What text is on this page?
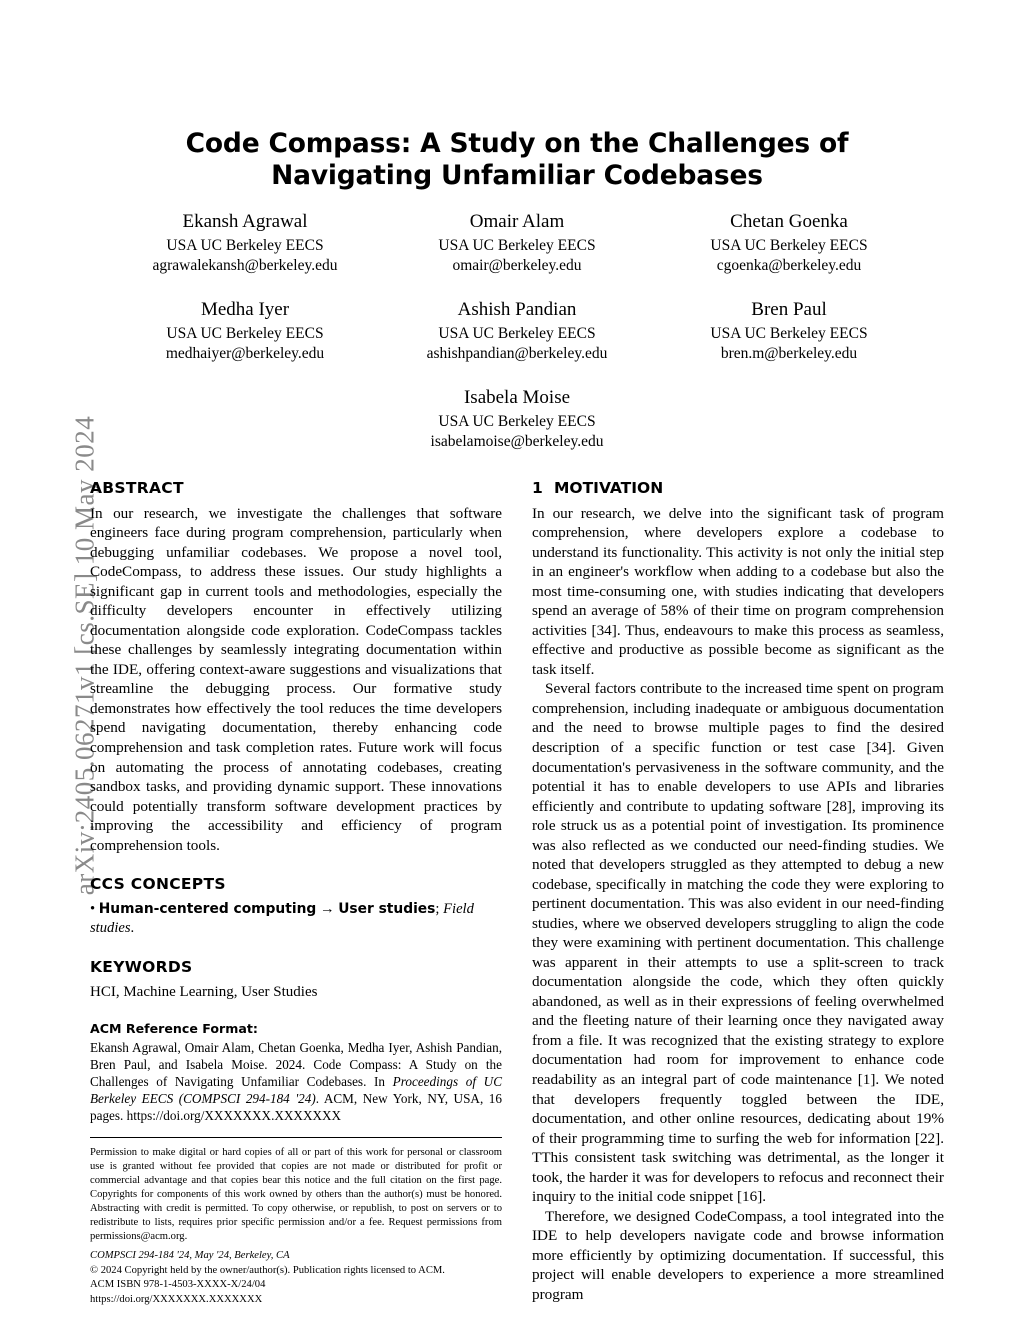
arXiv:2405.06271v1 [cs.SE] 10 May 2024
Code Compass: A Study on the Challenges of Navigating Unfamiliar Codebases
Ekansh Agrawal
USA UC Berkeley EECS
agrawalekansh@berkeley.edu
Omair Alam
USA UC Berkeley EECS
omair@berkeley.edu
Chetan Goenka
USA UC Berkeley EECS
cgoenka@berkeley.edu
Medha Iyer
USA UC Berkeley EECS
medhaiyer@berkeley.edu
Ashish Pandian
USA UC Berkeley EECS
ashishpandian@berkeley.edu
Bren Paul
USA UC Berkeley EECS
bren.m@berkeley.edu
Isabela Moise
USA UC Berkeley EECS
isabelamoise@berkeley.edu
ABSTRACT

In our research, we investigate the challenges that software engineers face during program comprehension, particularly when debugging unfamiliar codebases. We propose a novel tool, CodeCompass, to address these issues. Our study highlights a significant gap in current tools and methodologies, especially the difficulty developers encounter in effectively utilizing documentation alongside code exploration. CodeCompass tackles these challenges by seamlessly integrating documentation within the IDE, offering context-aware suggestions and visualizations that streamline the debugging process. Our formative study demonstrates how effectively the tool reduces the time developers spend navigating documentation, thereby enhancing code comprehension and task completion rates. Future work will focus on automating the process of annotating codebases, creating sandbox tasks, and providing dynamic support. These innovations could potentially transform software development practices by improving the accessibility and efficiency of program comprehension tools.

CCS CONCEPTS

• Human-centered computing → User studies; Field studies.

KEYWORDS

HCI, Machine Learning, User Studies

ACM Reference Format:

Ekansh Agrawal, Omair Alam, Chetan Goenka, Medha Iyer, Ashish Pandian, Bren Paul, and Isabela Moise. 2024. Code Compass: A Study on the Challenges of Navigating Unfamiliar Codebases. In Proceedings of UC Berkeley EECS (COMPSCI 294-184 '24). ACM, New York, NY, USA, 16 pages. https://doi.org/XXXXXXX.XXXXXXX

Permission to make digital or hard copies of all or part of this work for personal or classroom use is granted without fee provided that copies are not made or distributed for profit or commercial advantage and that copies bear this notice and the full citation on the first page. Copyrights for components of this work owned by others than the author(s) must be honored. Abstracting with credit is permitted. To copy otherwise, or republish, to post on servers or to redistribute to lists, requires prior specific permission and/or a fee. Request permissions from permissions@acm.org.

COMPSCI 294-184 '24, May '24, Berkeley, CA

© 2024 Copyright held by the owner/author(s). Publication rights licensed to ACM.

ACM ISBN 978-1-4503-XXXX-X/24/04

https://doi.org/XXXXXXX.XXXXXXX

1 MOTIVATION

In our research, we delve into the significant task of program comprehension, where developers explore a codebase to understand its functionality. This activity is not only the initial step in an engineer's workflow when adding to a codebase but also the most time-consuming one, with studies indicating that developers spend an average of 58% of their time on program comprehension activities [34]. Thus, endeavours to make this process as seamless, effective and productive as possible become as significant as the task itself.

Several factors contribute to the increased time spent on program comprehension, including inadequate or ambiguous documentation and the need to browse multiple pages to find the desired description of a specific function or test case [34]. Given documentation's pervasiveness in the software community, and the potential it has to enable developers to use APIs and libraries efficiently and contribute to updating software [28], improving its role struck us as a potential point of investigation. Its prominence was also reflected as we conducted our need-finding studies. We noted that developers struggled as they attempted to debug a new codebase, specifically in matching the code they were exploring to pertinent documentation. This was also evident in our need-finding studies, where we observed developers struggling to align the code they were examining with pertinent documentation. This challenge was apparent in their attempts to use a split-screen to track documentation alongside the code, which they often quickly abandoned, as well as in their expressions of feeling overwhelmed and the fleeting nature of their learning once they navigated away from a file. It was recognized that the existing strategy to explore documentation had room for improvement to enhance code readability as an integral part of code maintenance [1]. We noted that developers frequently toggled between the IDE, documentation, and other online resources, dedicating about 19% of their programming time to surfing the web for information [22]. TThis consistent task switching was detrimental, as the longer it took, the harder it was for developers to refocus and reconnect their inquiry to the initial code snippet [16].

Therefore, we designed CodeCompass, a tool integrated into the IDE to help developers navigate code and browse information more efficiently by optimizing documentation. If successful, this project will enable developers to experience a more streamlined program
